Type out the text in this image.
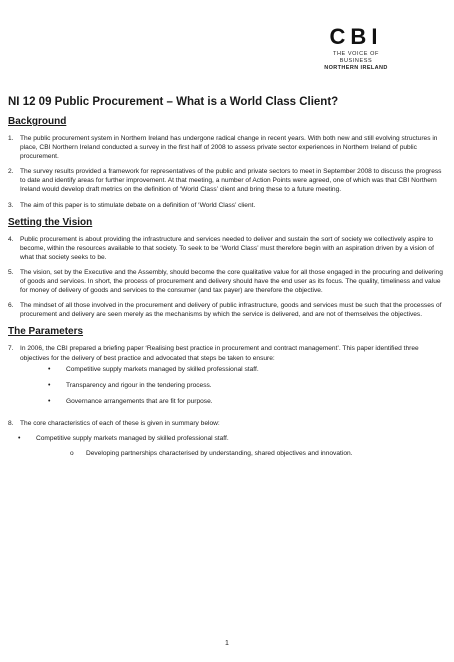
CBI
THE VOICE OF BUSINESS
NORTHERN IRELAND
NI 12 09 Public Procurement – What is a World Class Client?
Background
1. The public procurement system in Northern Ireland has undergone radical change in recent years. With both new and still evolving structures in place, CBI Northern Ireland conducted a survey in the first half of 2008 to assess private sector experiences in Northern Ireland of public procurement.
2. The survey results provided a framework for representatives of the public and private sectors to meet in September 2008 to discuss the progress to date and identify areas for further improvement. At that meeting, a number of Action Points were agreed, one of which was that CBI Northern Ireland would develop draft metrics on the definition of ‘World Class’ client and bring these to a future meeting.
3. The aim of this paper is to stimulate debate on a definition of ‘World Class’ client.
Setting the Vision
4. Public procurement is about providing the infrastructure and services needed to deliver and sustain the sort of society we collectively aspire to become, within the resources available to that society. To seek to be ‘World Class’ must therefore begin with an aspiration driven by a vision of what that society seeks to be.
5. The vision, set by the Executive and the Assembly, should become the core qualitative value for all those engaged in the procuring and delivering of goods and services. In short, the process of procurement and delivery should have the end user as its focus. The quality, timeliness and value for money of delivery of goods and services to the consumer (and tax payer) are therefore the objective.
6. The mindset of all those involved in the procurement and delivery of public infrastructure, goods and services must be such that the processes of procurement and delivery are seen merely as the mechanisms by which the service is delivered, and are not of themselves the objectives.
The Parameters
7. In 2006, the CBI prepared a briefing paper ‘Realising best practice in procurement and contract management’. This paper identified three objectives for the delivery of best practice and advocated that steps be taken to ensure:
•	Competitive supply markets managed by skilled professional staff.
•	Transparency and rigour in the tendering process.
•	Governance arrangements that are fit for purpose.
8. The core characteristics of each of these is given in summary below:
•	Competitive supply markets managed by skilled professional staff.
o	Developing partnerships characterised by understanding, shared objectives and innovation.
1
